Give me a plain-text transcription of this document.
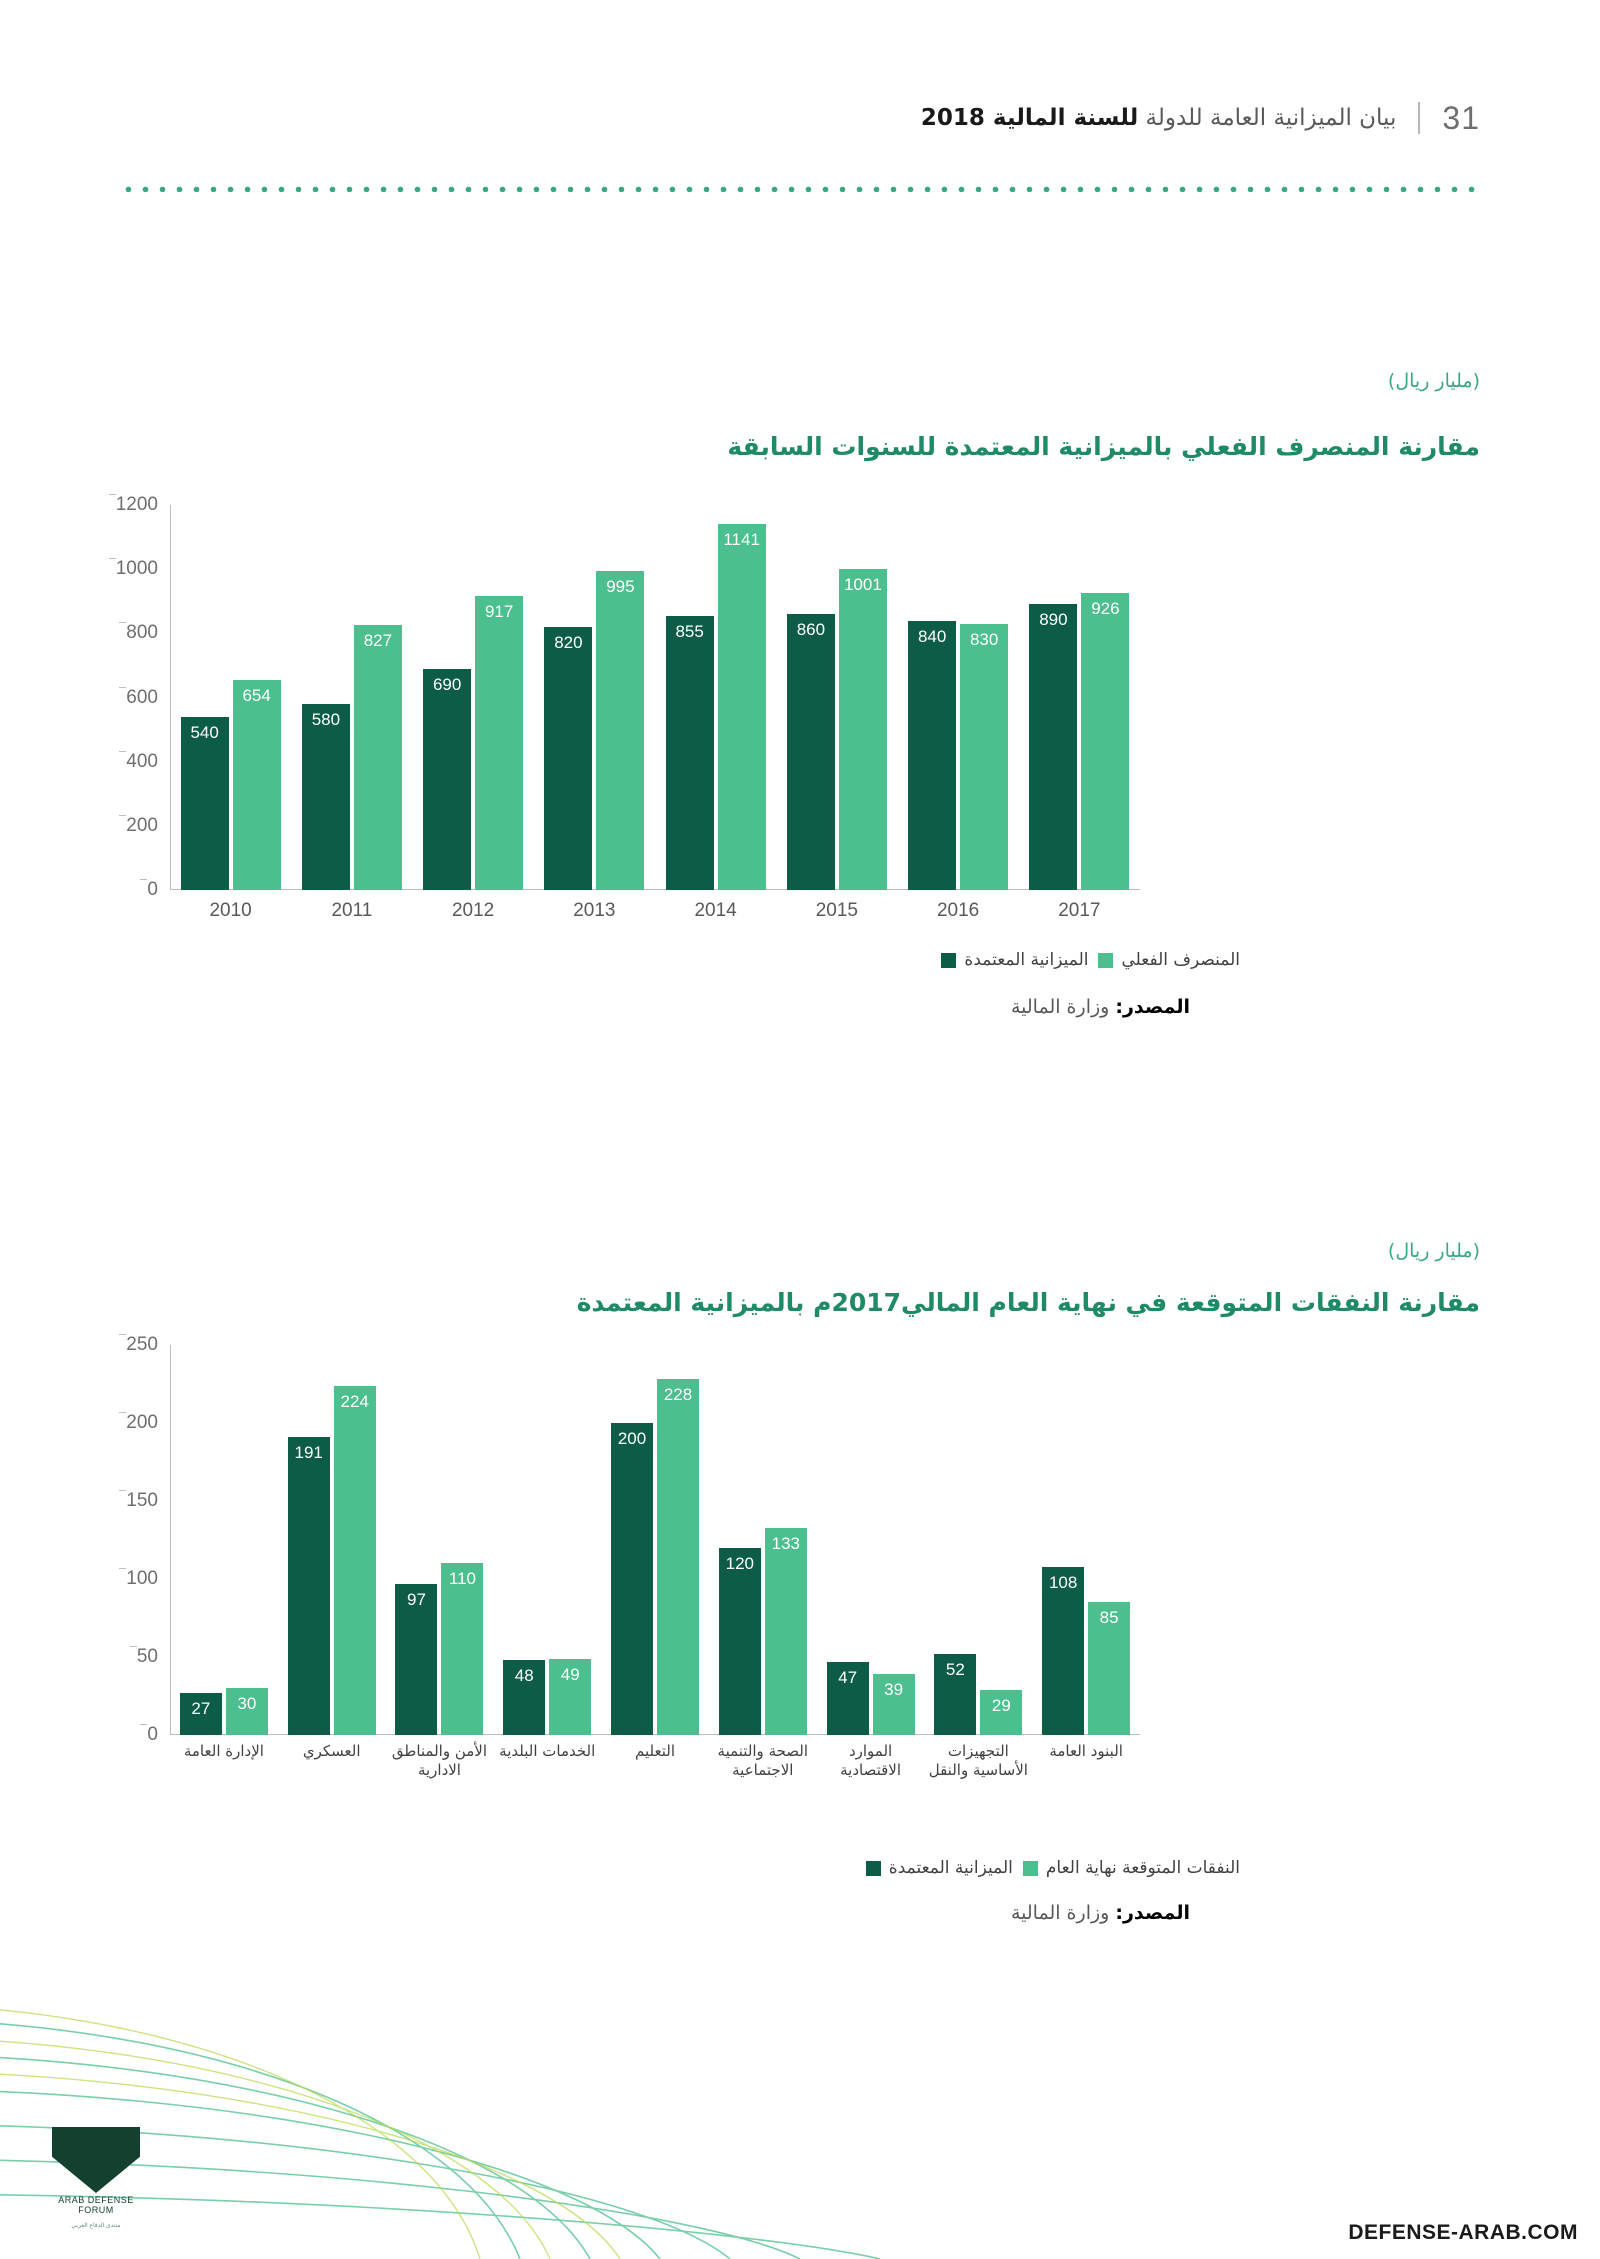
31
بيان الميزانية العامة للدولة للسنة المالية 2018
(مليار ريال)
مقارنة المنصرف الفعلي بالميزانية المعتمدة للسنوات السابقة
540
654
580
827
690
917
820
995
855
1141
860
1001
840 830
890
926
0
200
400
600
800
1000
1200
2010	2011	2012	2013	2014	2015	2016	2017
الميزانية المعتمدة المنصرف الفعلي
المصدر: وزارة المالية
(مليار ريال)
مقارنة النفقات المتوقعة في نهاية العام المالي2017م بالميزانية المعتمدة
27 30
191
224
97
110
48 49
200
228
120
133
47
39
52
29
108
85
0
50
100
150
200
250
الإدارة العامة	العسكري	الأمن والمناطق الادارية
الخدمات البلدية	التعليم	الصحة والتنمية الاجتماعية
الموارد الاقتصادية
التجهيزات الأساسية والنقل
البنود العامة
الميزانية المعتمدة النفقات المتوقعة نهاية العام
المصدر: وزارة المالية
ARAB DEFENSE FORUM
منتدى الدفاع العربي	DEFENSE-ARAB.COM
